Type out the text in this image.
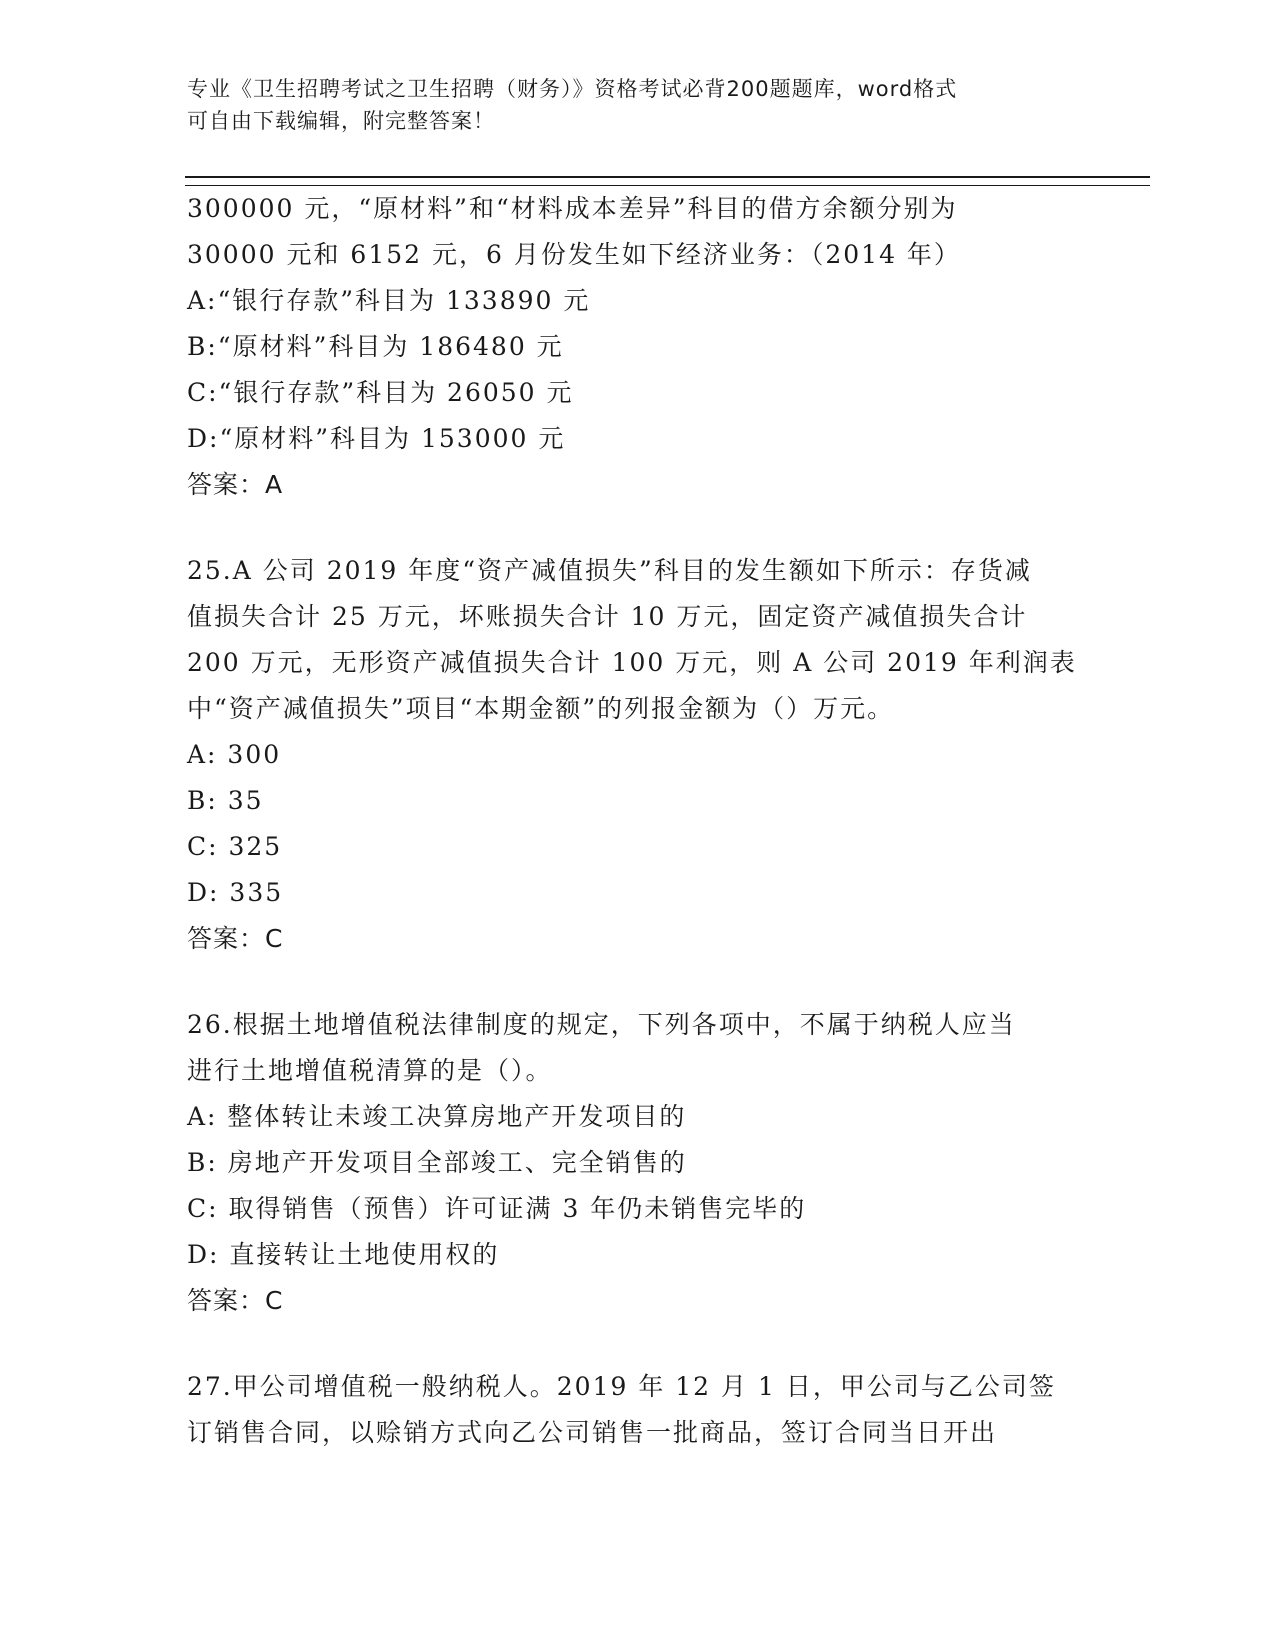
专业《卫生招聘考试之卫生招聘（财务）》资格考试必背200题题库，word格式
可自由下载编辑，附完整答案！
300000 元，“原材料”和“材料成本差异”科目的借方余额分别为
30000 元和 6152 元，6 月份发生如下经济业务：（2014 年）
A:“银行存款”科目为 133890 元
B:“原材料”科目为 186480 元
C:“银行存款”科目为 26050 元
D:“原材料”科目为 153000 元
答案：A
25.A 公司 2019 年度“资产减值损失”科目的发生额如下所示：存货减
值损失合计 25 万元，坏账损失合计 10 万元，固定资产减值损失合计
200 万元，无形资产减值损失合计 100 万元，则 A 公司 2019 年利润表
中“资产减值损失”项目“本期金额”的列报金额为（）万元。
A: 300
B: 35
C: 325
D: 335
答案：C
26.根据土地增值税法律制度的规定，下列各项中，不属于纳税人应当
进行土地增值税清算的是（）。
A: 整体转让未竣工决算房地产开发项目的
B: 房地产开发项目全部竣工、完全销售的
C: 取得销售（预售）许可证满 3 年仍未销售完毕的
D: 直接转让土地使用权的
答案：C
27.甲公司增值税一般纳税人。2019 年 12 月 1 日，甲公司与乙公司签
订销售合同，以赊销方式向乙公司销售一批商品，签订合同当日开出
